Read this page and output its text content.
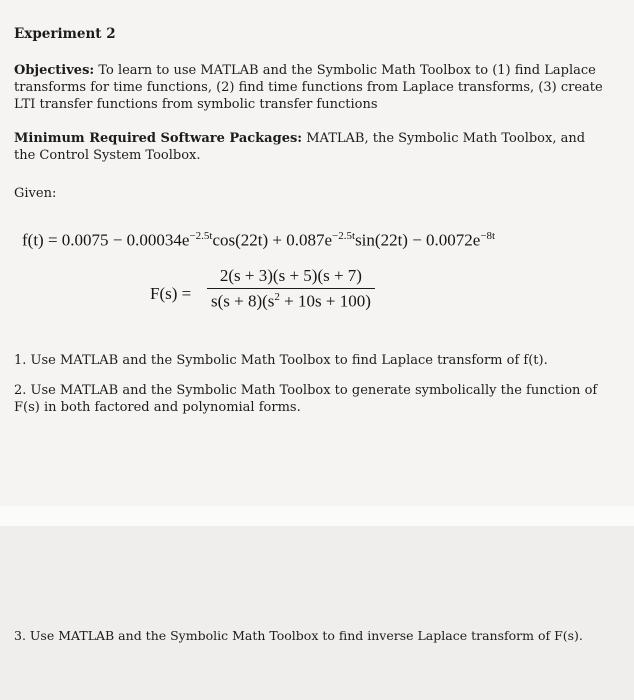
Experiment 2
Objectives: To learn to use MATLAB and the Symbolic Math Toolbox to (1) find Laplace transforms for time functions, (2) find time functions from Laplace transforms, (3) create LTI transfer functions from symbolic transfer functions
Minimum Required Software Packages: MATLAB, the Symbolic Math Toolbox, and the Control System Toolbox.
Given:
$f(t) = 0.0075 - 0.00034e^{-2.5t}\cos(22t) + 0.087e^{-2.5t}\sin(22t) - 0.0072e^{-8t}$
F(s) =
2(s + 3)(s + 5)(s + 7)
$s(s + 8)(s^2 + 10s + 100)$
1. Use MATLAB and the Symbolic Math Toolbox to find Laplace transform of f(t).
2. Use MATLAB and the Symbolic Math Toolbox to generate symbolically the function of F(s) in both factored and polynomial forms.
3. Use MATLAB and the Symbolic Math Toolbox to find inverse Laplace transform of F(s).
